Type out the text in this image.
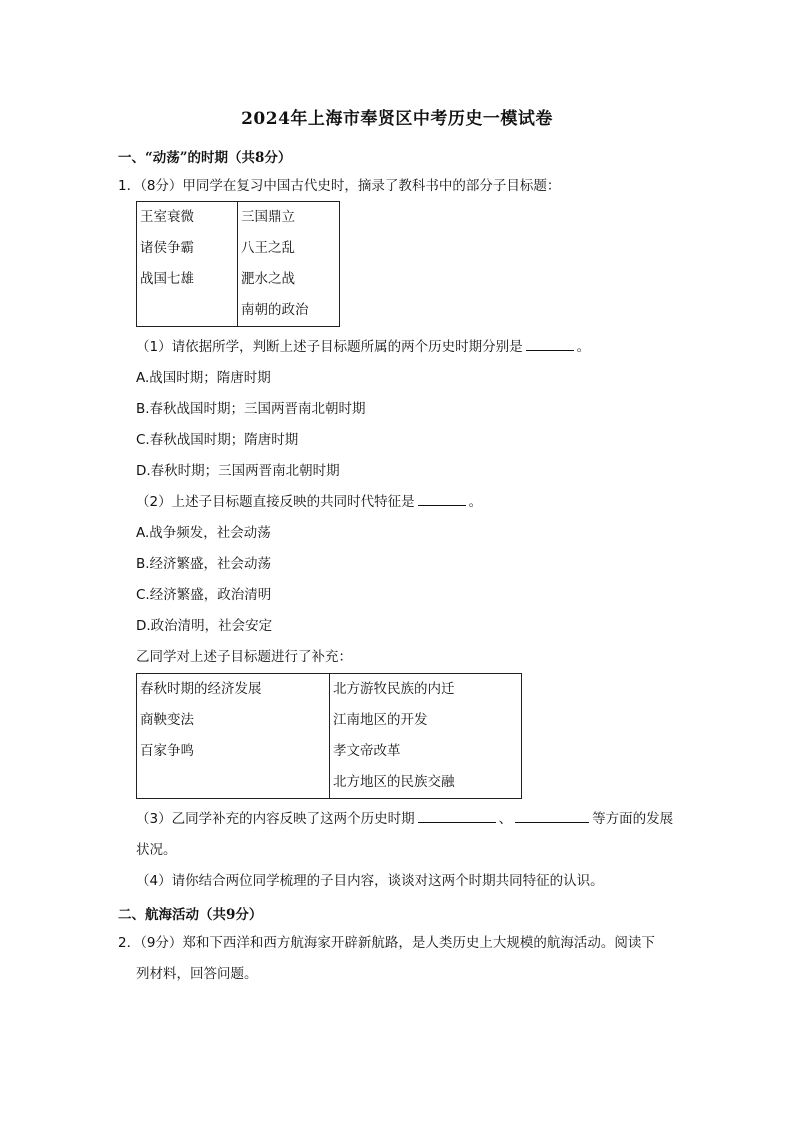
2024年上海市奉贤区中考历史一模试卷
一、“动荡”的时期（共8分）
1．（8分）甲同学在复习中国古代史时，摘录了教科书中的部分子目标题：
王室衰微
诸侯争霸
战国七雄

三国鼎立
八王之乱
淝水之战
南朝的政治
（1）请依据所学，判断上述子目标题所属的两个历史时期分别是	。
A.战国时期；隋唐时期
B.春秋战国时期；三国两晋南北朝时期
C.春秋战国时期；隋唐时期
D.春秋时期；三国两晋南北朝时期
（2）上述子目标题直接反映的共同时代特征是	。
A.战争频发，社会动荡
B.经济繁盛，社会动荡
C.经济繁盛，政治清明
D.政治清明，社会安定
乙同学对上述子目标题进行了补充：
春秋时期的经济发展
商鞅变法
百家争鸣

北方游牧民族的内迁
江南地区的开发
孝文帝改革
北方地区的民族交融
（3）乙同学补充的内容反映了这两个历史时期	、	等方面的发展
状况。
（4）请你结合两位同学梳理的子目内容，谈谈对这两个时期共同特征的认识。
二、航海活动（共9分）
2．（9分）郑和下西洋和西方航海家开辟新航路，是人类历史上大规模的航海活动。阅读下
列材料，回答问题。
